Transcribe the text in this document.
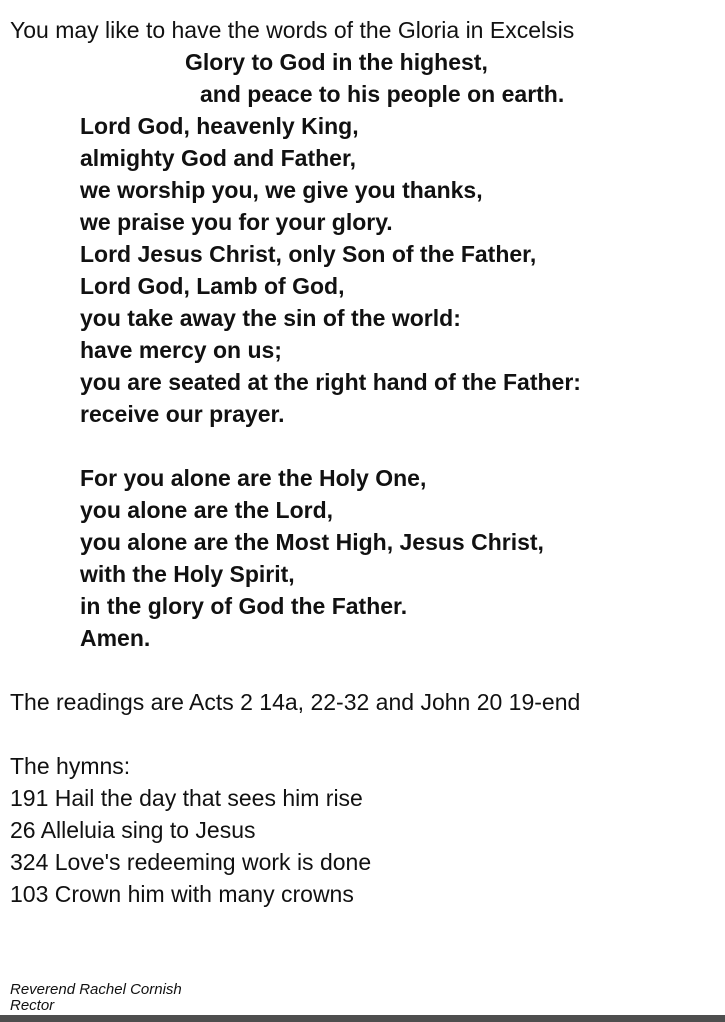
You may like to have the words of the Gloria in Excelsis
Glory to God in the highest,
and peace to his people on earth.
Lord God, heavenly King,
almighty God and Father,
we worship you, we give you thanks,
we praise you for your glory.
Lord Jesus Christ, only Son of the Father,
Lord God, Lamb of God,
you take away the sin of the world:
have mercy on us;
you are seated at the right hand of the Father:
receive our prayer.
For you alone are the Holy One,
you alone are the Lord,
you alone are the Most High, Jesus Christ,
with the Holy Spirit,
in the glory of God the Father.
Amen.
The readings are Acts 2 14a, 22-32 and John 20 19-end
The hymns:
191 Hail the day that sees him rise
26 Alleluia sing to Jesus
324 Love's redeeming work is done
103 Crown him with many crowns
Reverend Rachel Cornish
Rector
